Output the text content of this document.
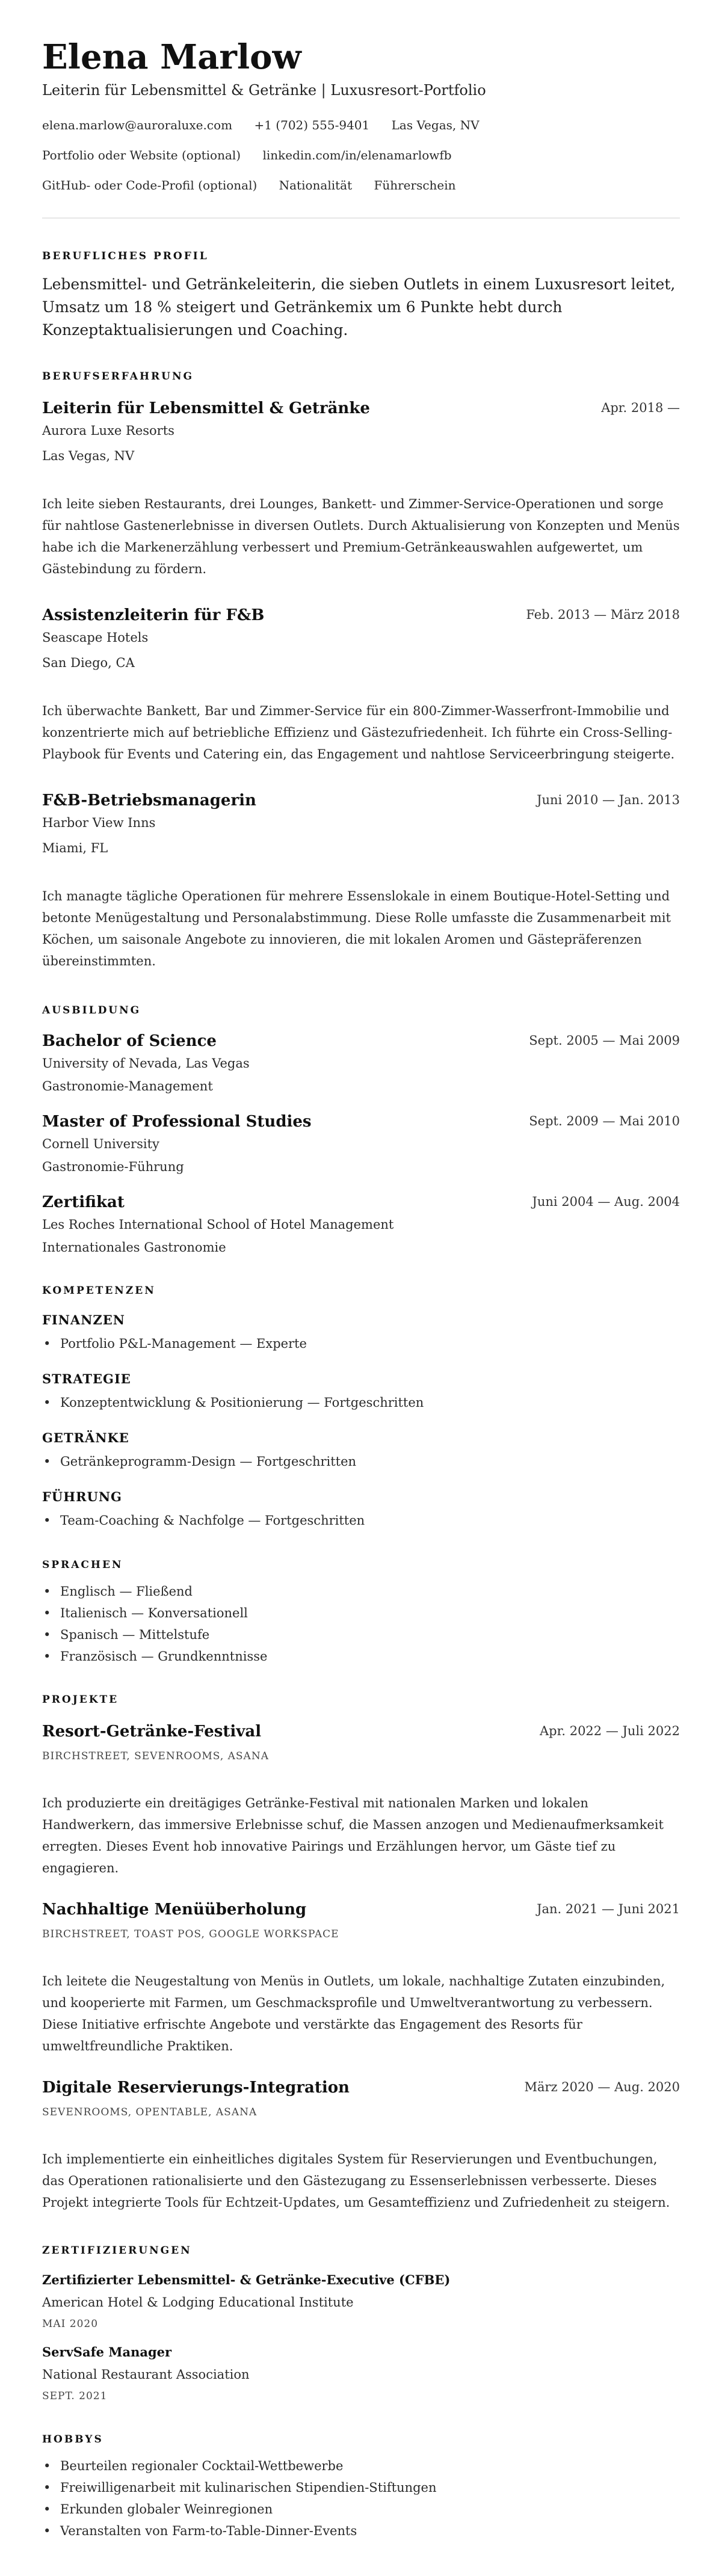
Elena Marlow
Leiterin für Lebensmittel & Getränke | Luxusresort-Portfolio
elena.marlow@auroraluxe.com +1 (702) 555-9401 Las Vegas, NV
Portfolio oder Website (optional) linkedin.com/in/elenamarlowfb
GitHub- oder Code-Profil (optional) Nationalität Führerschein
BERUFLICHES PROFIL
Lebensmittel- und Getränkeleiterin, die sieben Outlets in einem Luxusresort leitet, Umsatz um 18 % steigert und Getränkemix um 6 Punkte hebt durch Konzeptaktualisierungen und Coaching.
BERUFSERFAHRUNG
Leiterin für Lebensmittel & Getränke	Apr. 2018 —
Aurora Luxe Resorts
Las Vegas, NV
Ich leite sieben Restaurants, drei Lounges, Bankett- und Zimmer-Service-Operationen und sorge für nahtlose Gastenerlebnisse in diversen Outlets. Durch Aktualisierung von Konzepten und Menüs habe ich die Markenerzählung verbessert und Premium-Getränkeauswahlen aufgewertet, um Gästebindung zu fördern.
Assistenzleiterin für F&B	Feb. 2013 — März 2018
Seascape Hotels
San Diego, CA
Ich überwachte Bankett, Bar und Zimmer-Service für ein 800-Zimmer-Wasserfront-Immobilie und konzentrierte mich auf betriebliche Effizienz und Gästezufriedenheit. Ich führte ein Cross-Selling-Playbook für Events und Catering ein, das Engagement und nahtlose Serviceerbringung steigerte.
F&B-Betriebsmanagerin	Juni 2010 — Jan. 2013
Harbor View Inns
Miami, FL
Ich managte tägliche Operationen für mehrere Essenslokale in einem Boutique-Hotel-Setting und betonte Menügestaltung und Personalabstimmung. Diese Rolle umfasste die Zusammenarbeit mit Köchen, um saisonale Angebote zu innovieren, die mit lokalen Aromen und Gästepräferenzen übereinstimmten.
AUSBILDUNG
Bachelor of Science	Sept. 2005 — Mai 2009
University of Nevada, Las Vegas
Gastronomie-Management
Master of Professional Studies	Sept. 2009 — Mai 2010
Cornell University
Gastronomie-Führung
Zertifikat	Juni 2004 — Aug. 2004
Les Roches International School of Hotel Management
Internationales Gastronomie
KOMPETENZEN
FINANZEN
• Portfolio P&L-Management — Experte
STRATEGIE
• Konzeptentwicklung & Positionierung — Fortgeschritten
GETRÄNKE
• Getränkeprogramm-Design — Fortgeschritten
FÜHRUNG
• Team-Coaching & Nachfolge — Fortgeschritten
SPRACHEN
• Englisch — Fließend
• Italienisch — Konversationell
• Spanisch — Mittelstufe
• Französisch — Grundkenntnisse
PROJEKTE
Resort-Getränke-Festival	Apr. 2022 — Juli 2022
BIRCHSTREET, SEVENROOMS, ASANA
Ich produzierte ein dreitägiges Getränke-Festival mit nationalen Marken und lokalen Handwerkern, das immersive Erlebnisse schuf, die Massen anzogen und Medienaufmerksamkeit erregten. Dieses Event hob innovative Pairings und Erzählungen hervor, um Gäste tief zu engagieren.
Nachhaltige Menüüberholung	Jan. 2021 — Juni 2021
BIRCHSTREET, TOAST POS, GOOGLE WORKSPACE
Ich leitete die Neugestaltung von Menüs in Outlets, um lokale, nachhaltige Zutaten einzubinden, und kooperierte mit Farmen, um Geschmacksprofile und Umweltverantwortung zu verbessern. Diese Initiative erfrischte Angebote und verstärkte das Engagement des Resorts für umweltfreundliche Praktiken.
Digitale Reservierungs-Integration	März 2020 — Aug. 2020
SEVENROOMS, OPENTABLE, ASANA
Ich implementierte ein einheitliches digitales System für Reservierungen und Eventbuchungen, das Operationen rationalisierte und den Gästezugang zu Essenserlebnissen verbesserte. Dieses Projekt integrierte Tools für Echtzeit-Updates, um Gesamteffizienz und Zufriedenheit zu steigern.
ZERTIFIZIERUNGEN
Zertifizierter Lebensmittel- & Getränke-Executive (CFBE)
American Hotel & Lodging Educational Institute
MAI 2020
ServSafe Manager
National Restaurant Association
SEPT. 2021
HOBBYS
• Beurteilen regionaler Cocktail-Wettbewerbe
• Freiwilligenarbeit mit kulinarischen Stipendien-Stiftungen
• Erkunden globaler Weinregionen
• Veranstalten von Farm-to-Table-Dinner-Events
